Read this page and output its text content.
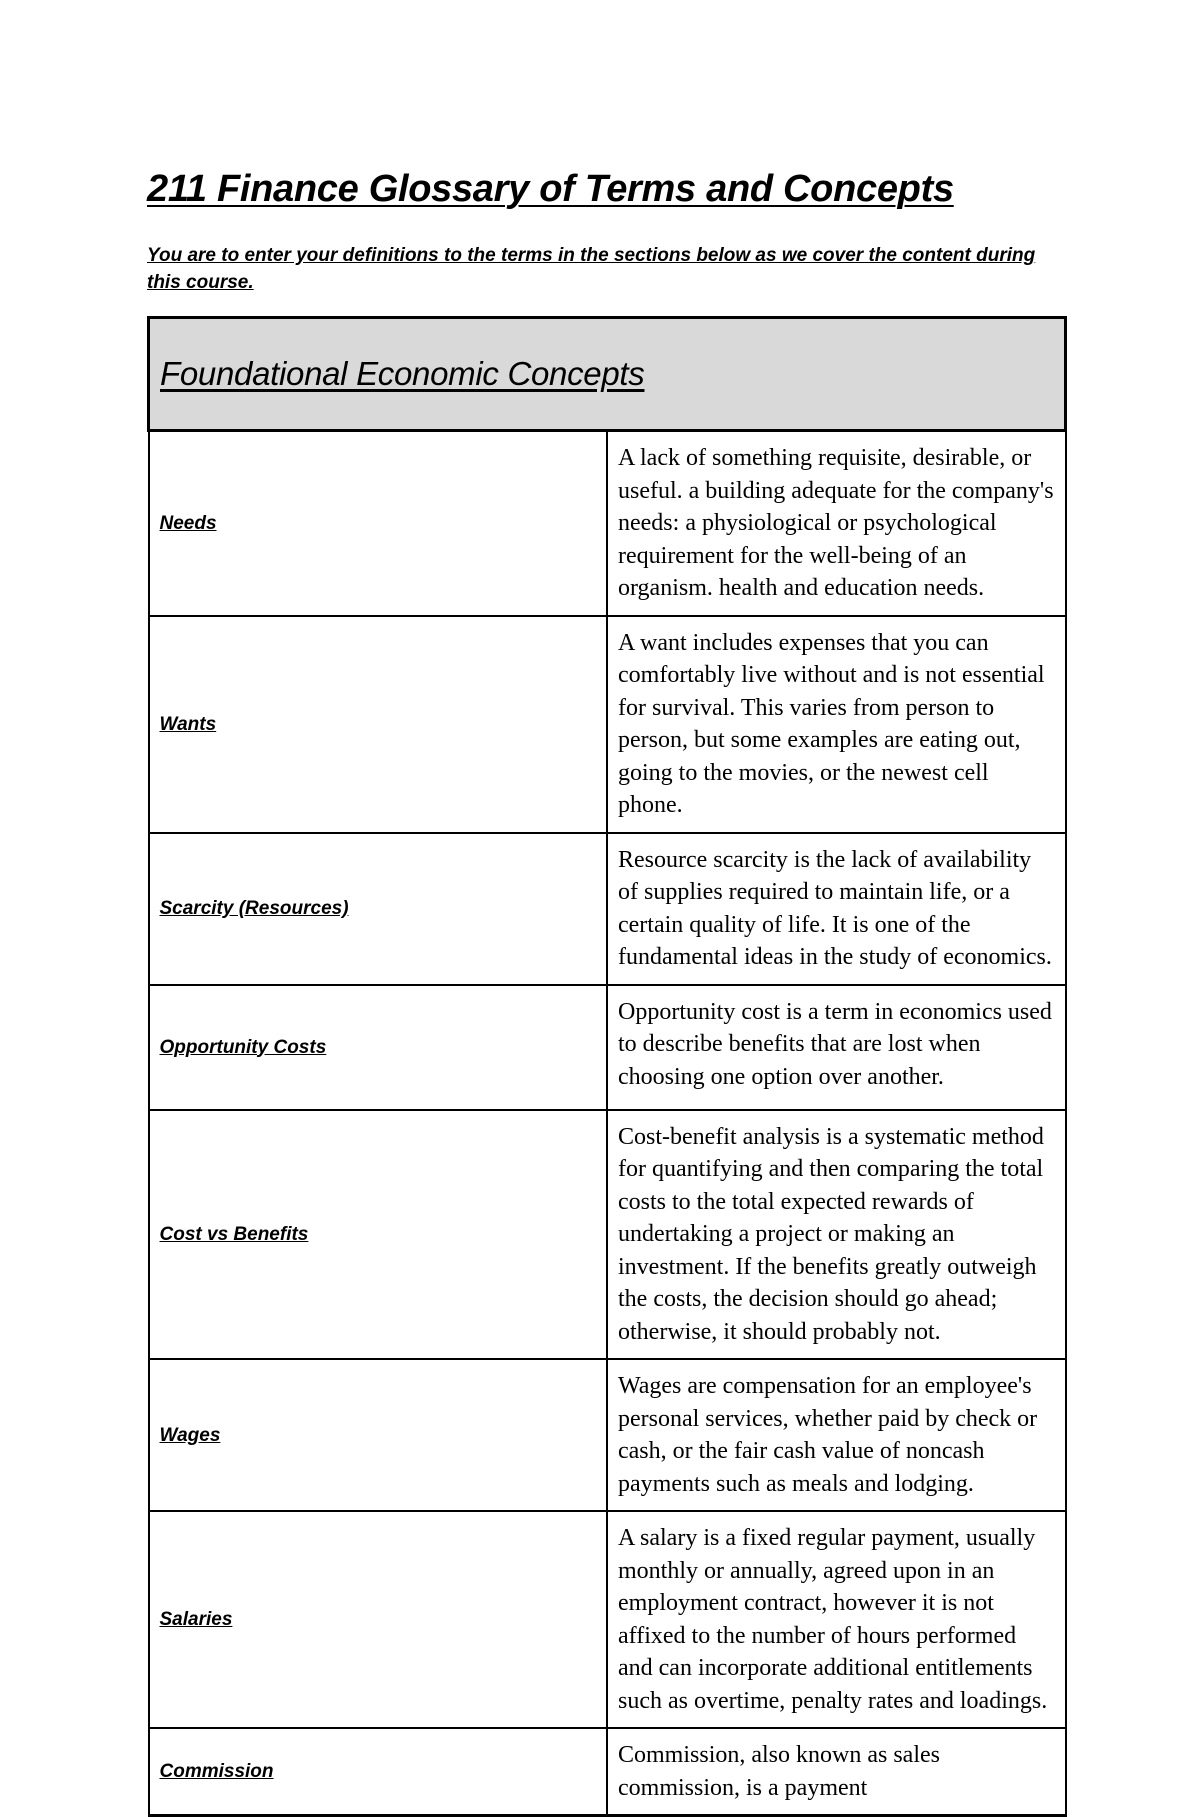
211 Finance Glossary of Terms and Concepts

You are to enter your definitions to the terms in the sections below as we cover the content during this course.

Foundational Economic Concepts	

Needs	A lack of something requisite, desirable, or useful. a building adequate for the company's needs: a physiological or psychological requirement for the well-being of an organism. health and education needs.

Wants	A want includes expenses that you can comfortably live without and is not essential for survival. This varies from person to person, but some examples are eating out, going to the movies, or the newest cell phone.

Scarcity (Resources)	Resource scarcity is the lack of availability of supplies required to maintain life, or a certain quality of life. It is one of the fundamental ideas in the study of economics.

Opportunity Costs	Opportunity cost is a term in economics used to describe benefits that are lost when choosing one option over another.

Cost vs Benefits	Cost-benefit analysis is a systematic method for quantifying and then comparing the total costs to the total expected rewards of undertaking a project or making an investment. If the benefits greatly outweigh the costs, the decision should go ahead; otherwise, it should probably not.

Wages	Wages are compensation for an employee's personal services, whether paid by check or cash, or the fair cash value of noncash payments such as meals and lodging.

Salaries	A salary is a fixed regular payment, usually monthly or annually, agreed upon in an employment contract, however it is not affixed to the number of hours performed and can incorporate additional entitlements such as overtime, penalty rates and loadings.

Commission	Commission, also known as sales commission, is a payment
